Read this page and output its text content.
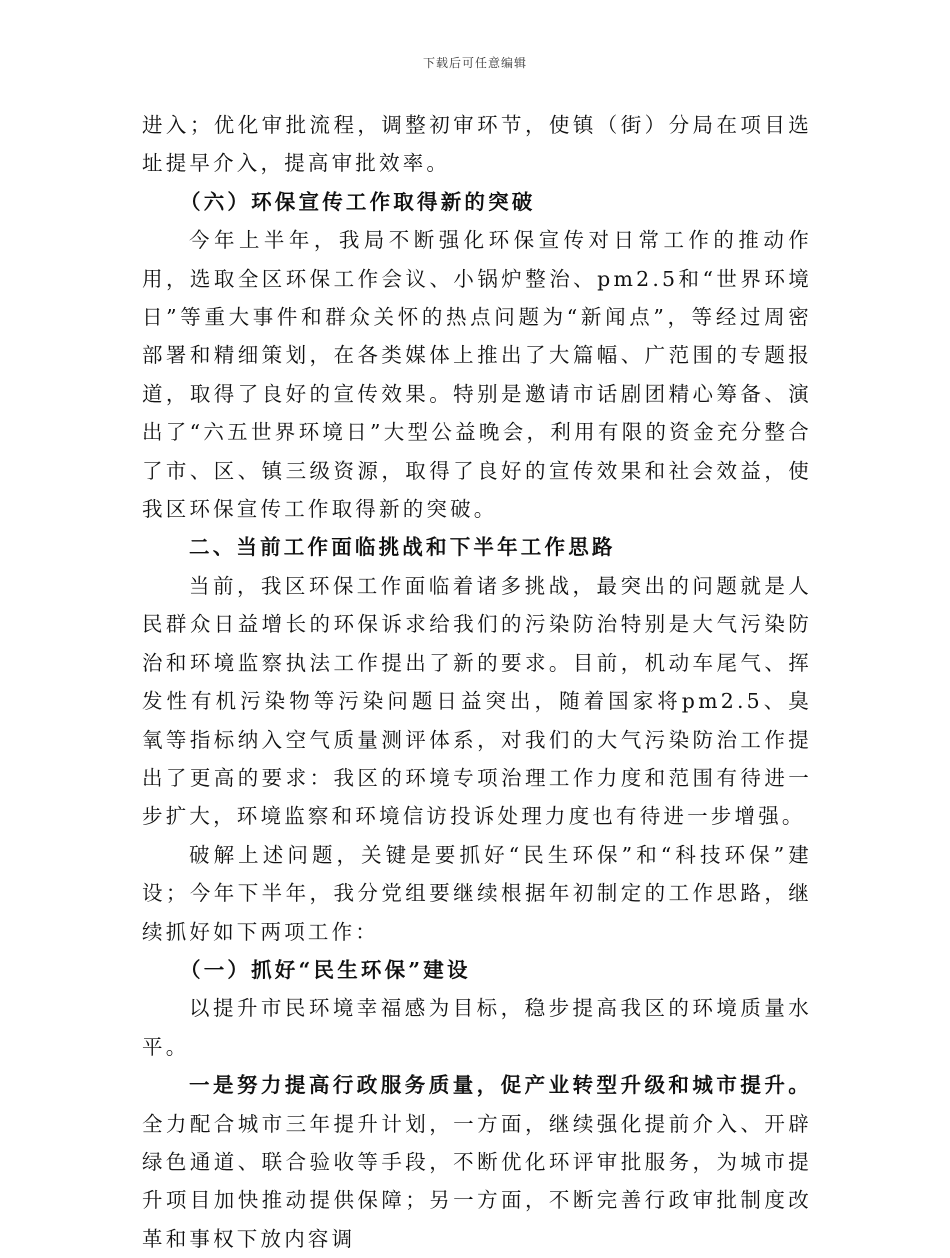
下载后可任意编辑

进入；优化审批流程，调整初审环节，使镇（街）分局在项目选址提早介入，提高审批效率。

（六）环保宣传工作取得新的突破

今年上半年，我局不断强化环保宣传对日常工作的推动作用，选取全区环保工作会议、小锅炉整治、pm2.5和“世界环境日”等重大事件和群众关怀的热点问题为“新闻点”，等经过周密部署和精细策划，在各类媒体上推出了大篇幅、广范围的专题报道，取得了良好的宣传效果。特别是邀请市话剧团精心筹备、演出了“六五世界环境日”大型公益晚会，利用有限的资金充分整合了市、区、镇三级资源，取得了良好的宣传效果和社会效益，使我区环保宣传工作取得新的突破。

二、当前工作面临挑战和下半年工作思路

当前，我区环保工作面临着诸多挑战，最突出的问题就是人民群众日益增长的环保诉求给我们的污染防治特别是大气污染防治和环境监察执法工作提出了新的要求。目前，机动车尾气、挥发性有机污染物等污染问题日益突出，随着国家将pm2.5、臭氧等指标纳入空气质量测评体系，对我们的大气污染防治工作提出了更高的要求：我区的环境专项治理工作力度和范围有待进一步扩大，环境监察和环境信访投诉处理力度也有待进一步增强。

破解上述问题，关键是要抓好“民生环保”和“科技环保”建设；今年下半年，我分党组要继续根据年初制定的工作思路，继续抓好如下两项工作：

（一）抓好“民生环保”建设

以提升市民环境幸福感为目标，稳步提高我区的环境质量水平。

一是努力提高行政服务质量，促产业转型升级和城市提升。全力配合城市三年提升计划，一方面，继续强化提前介入、开辟绿色通道、联合验收等手段，不断优化环评审批服务，为城市提升项目加快推动提供保障；另一方面，不断完善行政审批制度改革和事权下放内容调
